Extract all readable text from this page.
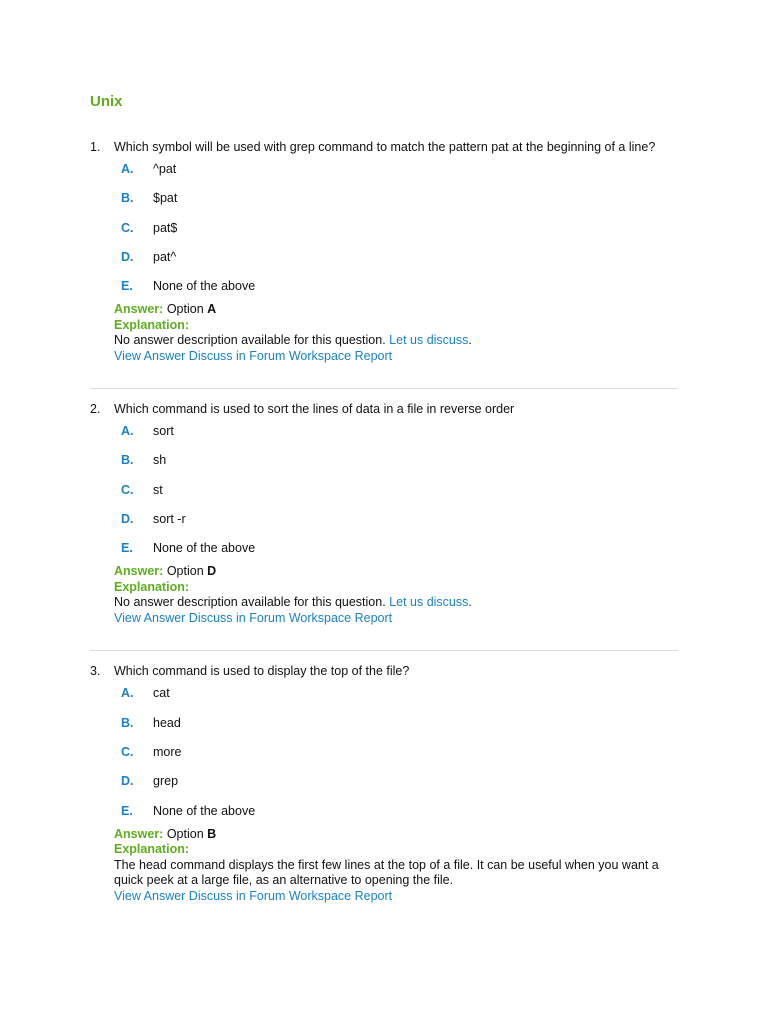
Unix
1.	Which symbol will be used with grep command to match the pattern pat at the beginning of a line?
A.	^pat
B.	$pat
C.	pat$
D.	pat^
E.	None of the above
Answer: Option A
Explanation:
No answer description available for this question. Let us discuss.
View Answer Discuss in Forum Workspace Report
2.	Which command is used to sort the lines of data in a file in reverse order
A.	sort
B.	sh
C.	st
D.	sort -r
E.	None of the above
Answer: Option D
Explanation:
No answer description available for this question. Let us discuss.
View Answer Discuss in Forum Workspace Report
3.	Which command is used to display the top of the file?
A.	cat
B.	head
C.	more
D.	grep
E.	None of the above
Answer: Option B
Explanation:
The head command displays the first few lines at the top of a file. It can be useful when you want a quick peek at a large file, as an alternative to opening the file.
View Answer Discuss in Forum Workspace Report
